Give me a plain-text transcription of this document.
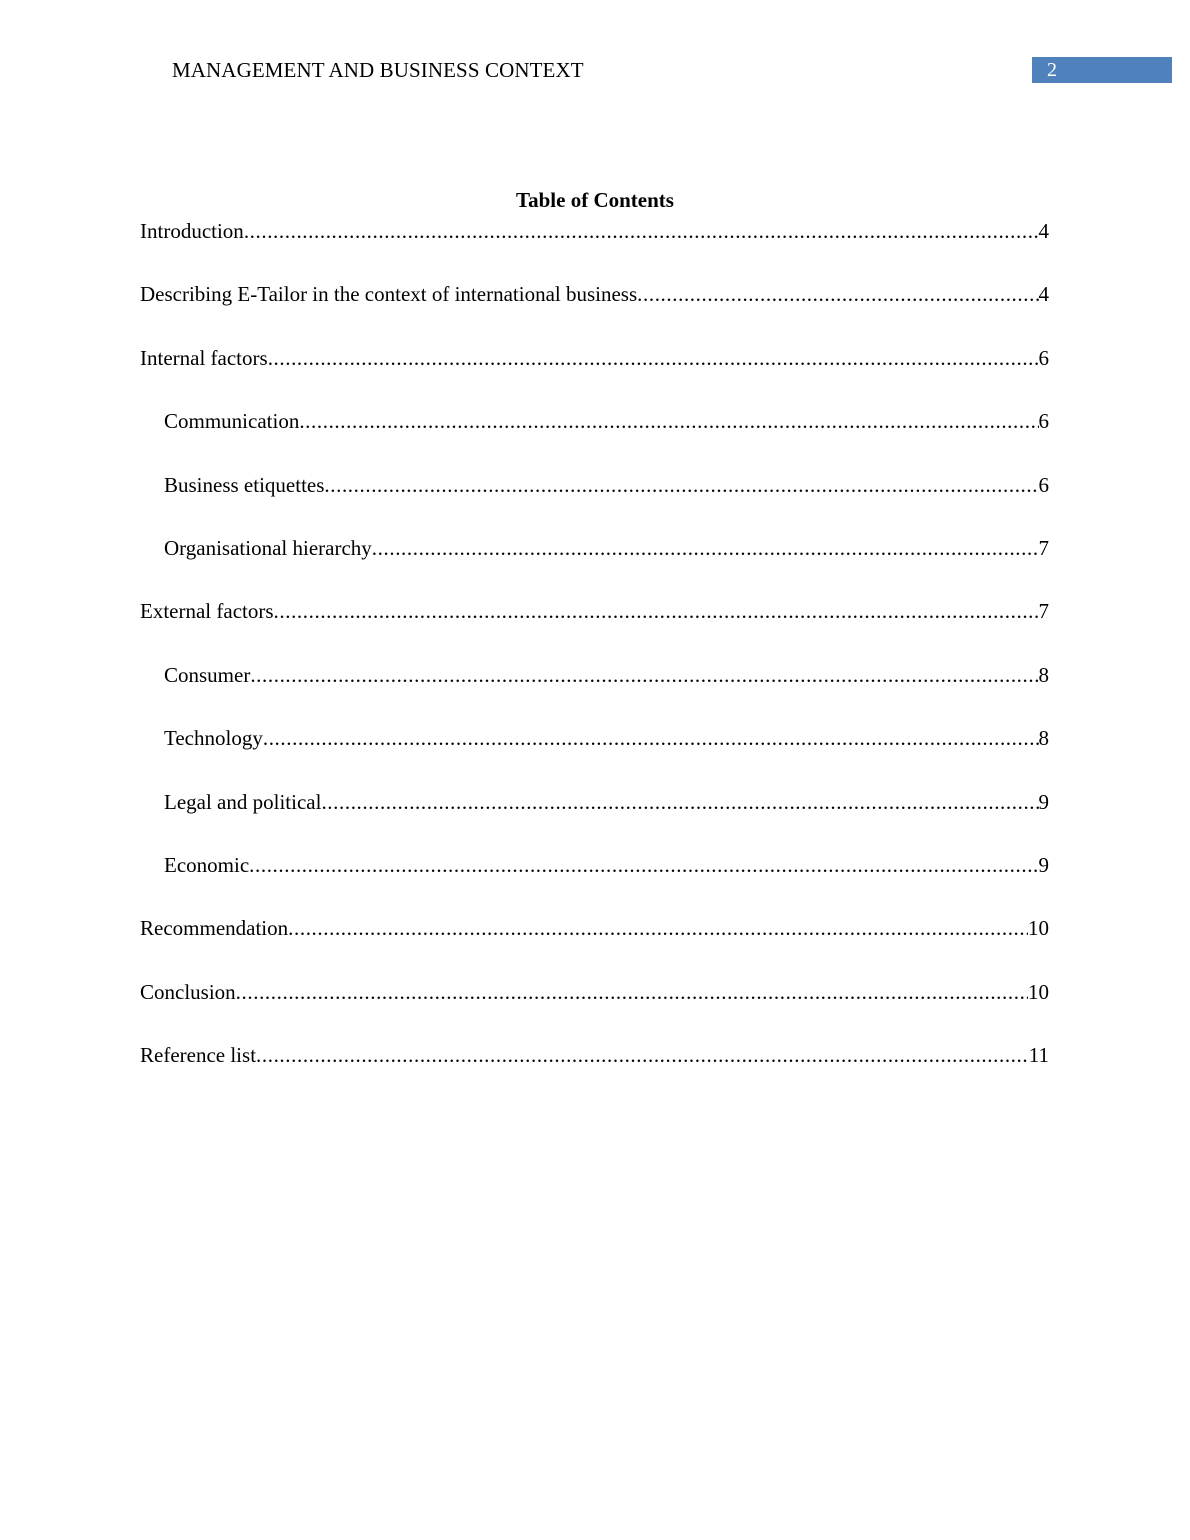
MANAGEMENT AND BUSINESS CONTEXT	2
Table of Contents
Introduction .....	4
Describing E-Tailor in the context of international business .....	4
Internal factors .....	6
Communication .....	6
Business etiquettes .....	6
Organisational hierarchy .....	7
External factors .....	7
Consumer .....	8
Technology .....	8
Legal and political .....	9
Economic .....	9
Recommendation .....	10
Conclusion .....	10
Reference list .....	11
